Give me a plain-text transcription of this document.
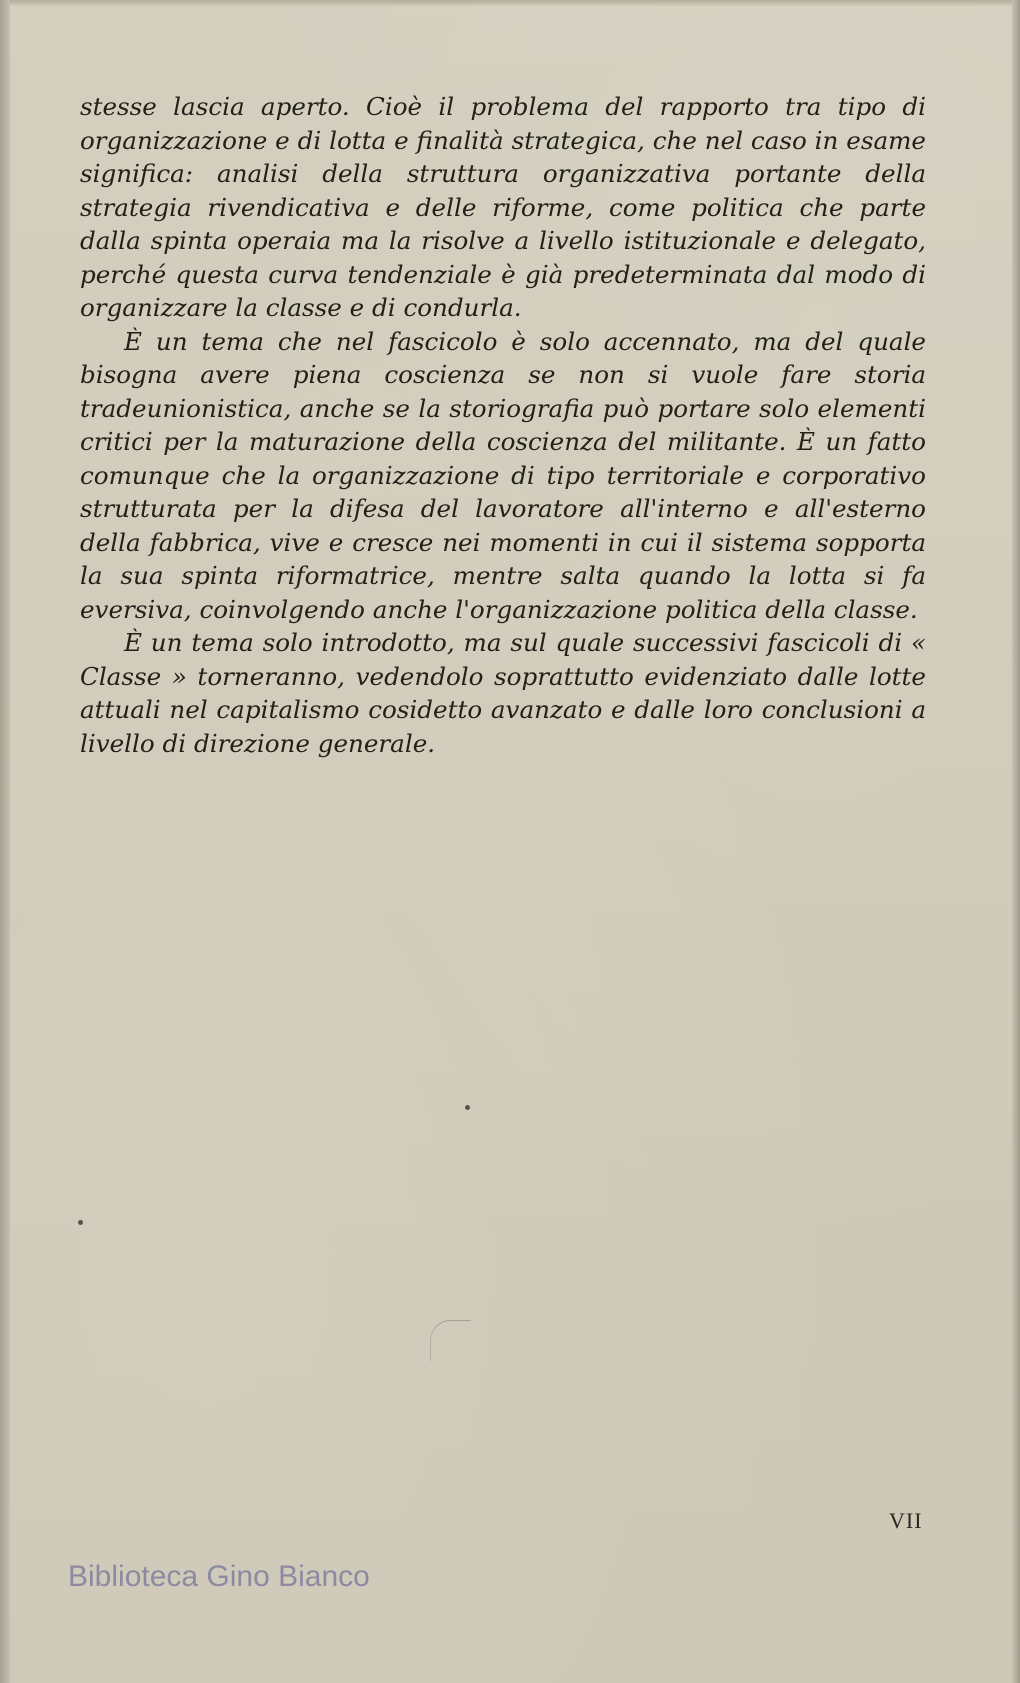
stesse lascia aperto. Cioè il problema del rapporto tra tipo di organizzazione e di lotta e finalità strategica, che nel caso in esame significa: analisi della struttura organizzativa portante della strategia rivendicativa e delle riforme, come politica che parte dalla spinta operaia ma la risolve a livello istituzionale e delegato, perché questa curva tendenziale è già predeterminata dal modo di organizzare la classe e di condurla.

È un tema che nel fascicolo è solo accennato, ma del quale bisogna avere piena coscienza se non si vuole fare storia tradeunionistica, anche se la storiografia può portare solo elementi critici per la maturazione della coscienza del militante. È un fatto comunque che la organizzazione di tipo territoriale e corporativo strutturata per la difesa del lavoratore all'interno e all'esterno della fabbrica, vive e cresce nei momenti in cui il sistema sopporta la sua spinta riformatrice, mentre salta quando la lotta si fa eversiva, coinvolgendo anche l'organizzazione politica della classe.

È un tema solo introdotto, ma sul quale successivi fascicoli di « Classe » torneranno, vedendolo soprattutto evidenziato dalle lotte attuali nel capitalismo cosidetto avanzato e dalle loro conclusioni a livello di direzione generale.

VII
Biblioteca Gino Bianco
